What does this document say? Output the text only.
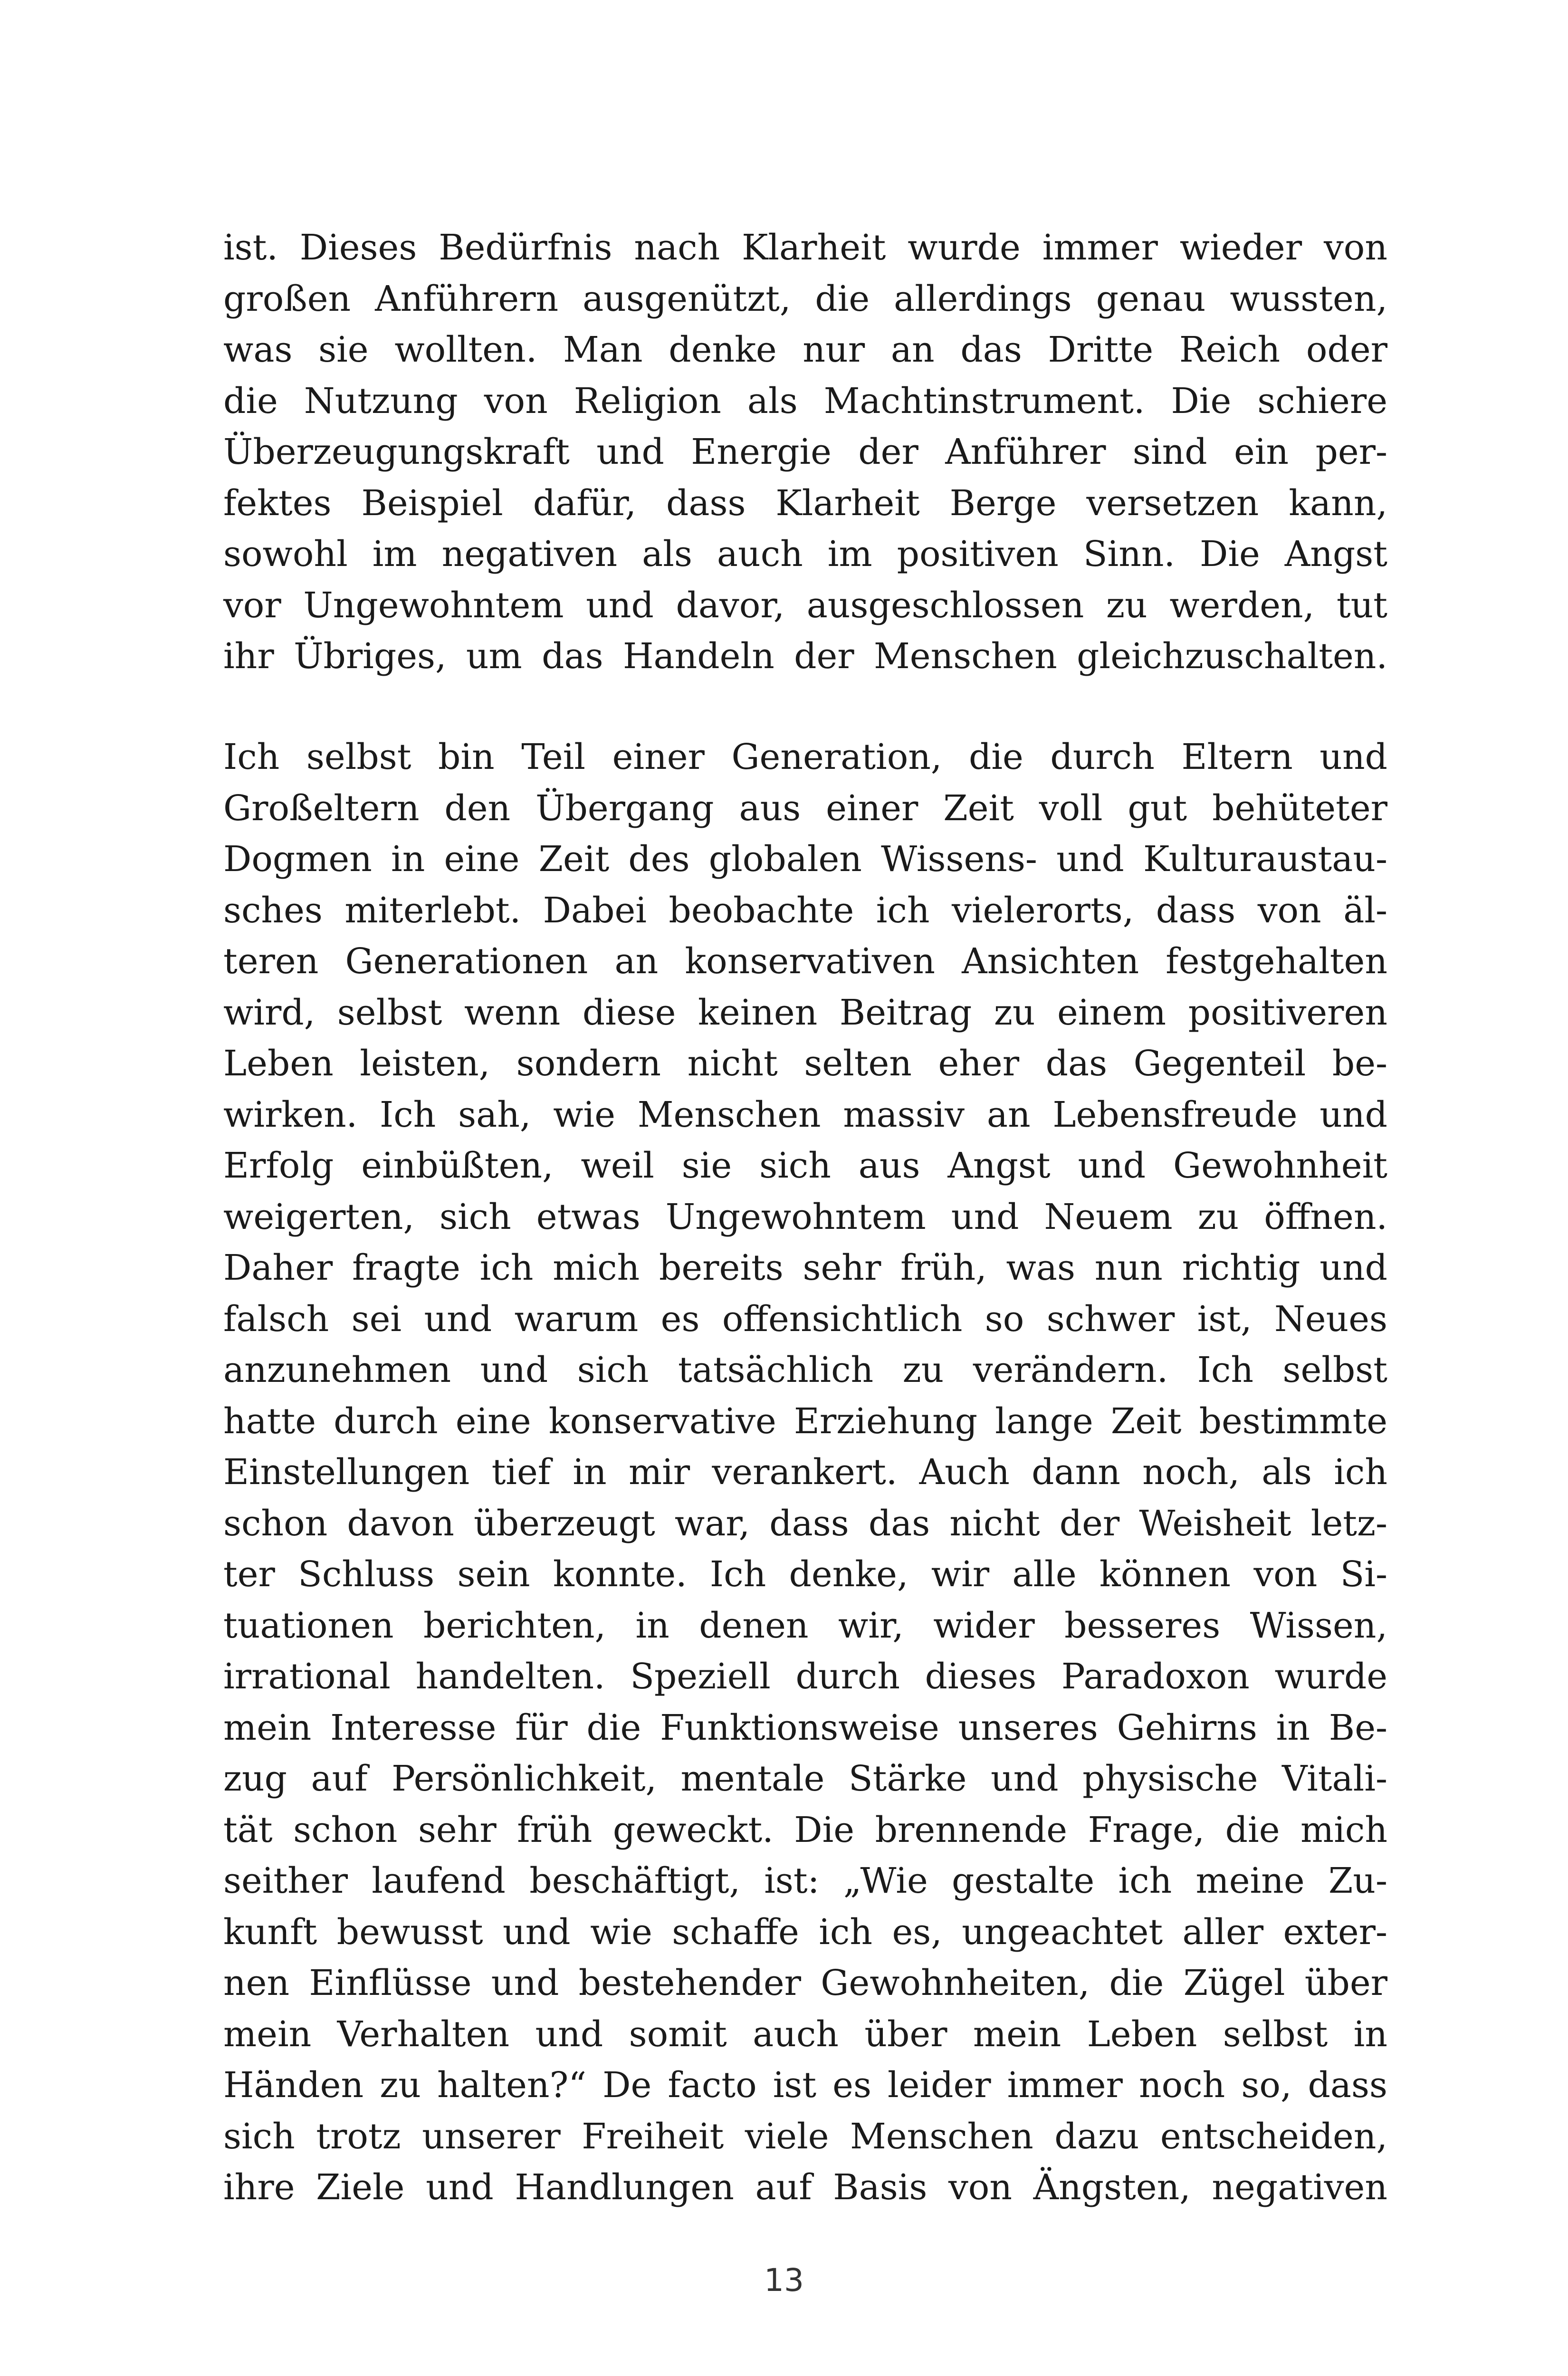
ist. Dieses Bedürfnis nach Klarheit wurde immer wieder von
großen Anführern ausgenützt, die allerdings genau wussten,
was sie wollten. Man denke nur an das Dritte Reich oder
die Nutzung von Religion als Machtinstrument. Die schiere
Überzeugungskraft und Energie der Anführer sind ein per-
fektes Beispiel dafür, dass Klarheit Berge versetzen kann,
sowohl im negativen als auch im positiven Sinn. Die Angst
vor Ungewohntem und davor, ausgeschlossen zu werden, tut
ihr Übriges, um das Handeln der Menschen gleichzuschalten.
Ich selbst bin Teil einer Generation, die durch Eltern und
Großeltern den Übergang aus einer Zeit voll gut behüteter
Dogmen in eine Zeit des globalen Wissens- und Kulturaustau-
sches miterlebt. Dabei beobachte ich vielerorts, dass von äl-
teren Generationen an konservativen Ansichten festgehalten
wird, selbst wenn diese keinen Beitrag zu einem positiveren
Leben leisten, sondern nicht selten eher das Gegenteil be-
wirken. Ich sah, wie Menschen massiv an Lebensfreude und
Erfolg einbüßten, weil sie sich aus Angst und Gewohnheit
weigerten, sich etwas Ungewohntem und Neuem zu öffnen.
Daher fragte ich mich bereits sehr früh, was nun richtig und
falsch sei und warum es offensichtlich so schwer ist, Neues
anzunehmen und sich tatsächlich zu verändern. Ich selbst
hatte durch eine konservative Erziehung lange Zeit bestimmte
Einstellungen tief in mir verankert. Auch dann noch, als ich
schon davon überzeugt war, dass das nicht der Weisheit letz-
ter Schluss sein konnte. Ich denke, wir alle können von Si-
tuationen berichten, in denen wir, wider besseres Wissen,
irrational handelten. Speziell durch dieses Paradoxon wurde
mein Interesse für die Funktionsweise unseres Gehirns in Be-
zug auf Persönlichkeit, mentale Stärke und physische Vitali-
tät schon sehr früh geweckt. Die brennende Frage, die mich
seither laufend beschäftigt, ist: „Wie gestalte ich meine Zu-
kunft bewusst und wie schaffe ich es, ungeachtet aller exter-
nen Einflüsse und bestehender Gewohnheiten, die Zügel über
mein Verhalten und somit auch über mein Leben selbst in
Händen zu halten?“ De facto ist es leider immer noch so, dass
sich trotz unserer Freiheit viele Menschen dazu entscheiden,
ihre Ziele und Handlungen auf Basis von Ängsten, negativen
13
